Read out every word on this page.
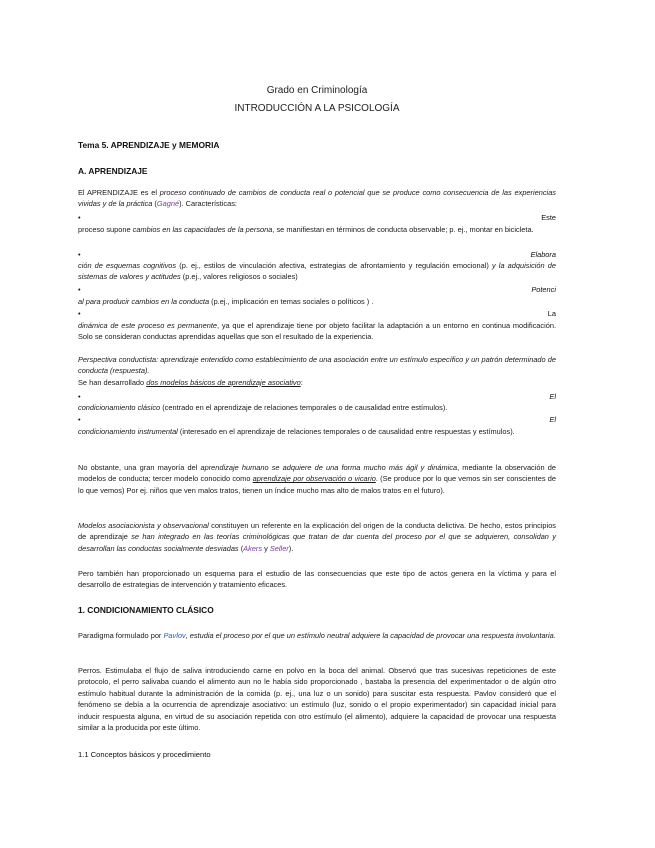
Grado en Criminología
INTRODUCCIÓN A LA PSICOLOGÍA
Tema 5. APRENDIZAJE y MEMORIA
A. APRENDIZAJE
El APRENDIZAJE es el proceso continuado de cambios de conducta real o potencial que se produce como consecuencia de las experiencias vividas y de la práctica (Gagné). Características:
•	Este
proceso supone cambios en las capacidades de la persona, se manifiestan en términos de conducta observable; p. ej., montar en bicicleta.
•	Elabora
ción de esquemas cognitivos (p. ej., estilos de vinculación afectiva, estrategias de afrontamiento y regulación emocional) y la adquisición de sistemas de valores y actitudes (p.ej., valores religiosos o sociales)
•	Potenci
al para producir cambios en la conducta (p.ej., implicación en temas sociales o políticos ) .
•	La
dinámica de este proceso es permanente, ya que el aprendizaje tiene por objeto facilitar la adaptación a un entorno en continua modificación. Solo se consideran conductas aprendidas aquellas que son el resultado de la experiencia.
Perspectiva conductista: aprendizaje entendido como establecimiento de una asociación entre un estímulo específico y un patrón determinado de conducta (respuesta).
Se han desarrollado dos modelos básicos de aprendizaje asociativo:
•	El
condicionamiento clásico (centrado en el aprendizaje de relaciones temporales o de causalidad entre estímulos).
•	El
condicionamiento instrumental (interesado en el aprendizaje de relaciones temporales o de causalidad entre respuestas y estímulos).
No obstante, una gran mayoría del aprendizaje humano se adquiere de una forma mucho más ágil y dinámica, mediante la observación de modelos de conducta; tercer modelo conocido como aprendizaje por observación o vicario. (Se produce por lo que vemos sin ser conscientes de lo que vemos) Por ej. niños que ven malos tratos, tienen un índice mucho mas alto de malos tratos en el futuro).
Modelos asociacionista y observacional constituyen un referente en la explicación del origen de la conducta delictiva. De hecho, estos principios de aprendizaje se han integrado en las teorías criminológicas que tratan de dar cuenta del proceso por el que se adquieren, consolidan y desarrollan las conductas socialmente desviadas (Akers y Seller).
Pero también han proporcionado un esquema para el estudio de las consecuencias que este tipo de actos genera en la víctima y para el desarrollo de estrategias de intervención y tratamiento eficaces.
1. CONDICIONAMIENTO CLÁSICO
Paradigma formulado por Pavlov, estudia el proceso por el que un estímulo neutral adquiere la capacidad de provocar una respuesta involuntaria.
Perros. Estimulaba el flujo de saliva introduciendo carne en polvo en la boca del animal. Observó que tras sucesivas repeticiones de este protocolo, el perro salivaba cuando el alimento aun no le había sido proporcionado , bastaba la presencia del experimentador o de algún otro estímulo habitual durante la administración de la comida (p. ej., una luz o un sonido) para suscitar esta respuesta. Pavlov consideró que el fenómeno se debía a la ocurrencia de aprendizaje asociativo: un estímulo (luz, sonido o el propio experimentador) sin capacidad inicial para inducir respuesta alguna, en virtud de su asociación repetida con otro estímulo (el alimento), adquiere la capacidad de provocar una respuesta similar a la producida por este último.
1.1 Conceptos básicos y procedimiento
